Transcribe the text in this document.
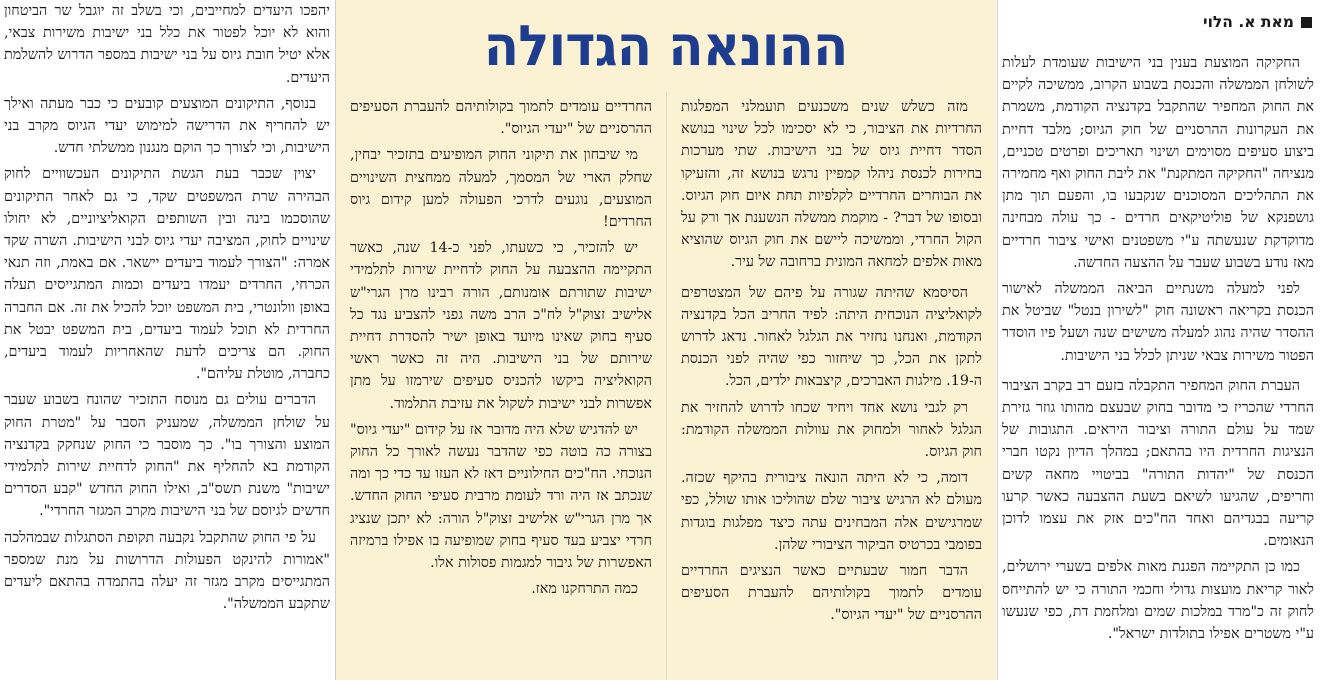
מאת א. הלוי

החקיקה המוצעת בענין בני הישיבות שעומדת לעלות לשולחן הממשלה והכנסת בשבוע הקרוב, ממשיכה לקיים את החוק המחפיר שהתקבל בקדנציה הקודמת, משמרת את העקרונות ההרסניים של חוק הגיוס; מלבד דחיית ביצוע סעיפים מסוימים ושינוי תאריכים ופרטים טכניים, מנציחה "החקיקה המתקנת" את ליבת החוק ואף מחמירה את התהליכים המסוכנים שנקבעו בו, והפעם תוך מתן גושפנקא של פוליטיקאים חרדים - כך עולה מבחינה מדוקדקת שנעשתה ע"י משפטנים ואישי ציבור חרדיים מאז נודע בשבוע שעבר על ההצעה החדשה.

לפני למעלה משנתיים הביאה הממשלה לאישור הכנסת בקריאה ראשונה חוק "לשירון בנטל" שביטל את ההסדר שהיה נהוג למעלה משישים שנה ושעל פיו הוסדר הפטור משירות צבאי שניתן לכלל בני הישיבות.

העברת החוק המחפיר התקבלה בזעם רב בקרב הציבור החרדי שהכריז כי מדובר בחוק שבעצם מהותו גוזר גזירת שמד על עולם התורה וציבור היראים. התגובות של הנציגות החרדית היו בהתאם; במהלך הדיון נקטו חברי הכנסת של "יהדות התורה" בביטויי מחאה קשים וחריפים, שהגיעו לשיאם בשעת ההצבעה כאשר קרעו קריעה בבגדיהם ואחד הח"כים אזק את עצמו לדוכן הנאומים.

כמו כן התקיימה הפגנת מאות אלפים בשערי ירושלים, לאור קריאת מועצות גדולי וחכמי התורה כי יש להתייחס לחוק זה כ"מרד במלכות שמים ומלחמת דת, כפי שנעשו ע"י משטרים אפילו בתולדות ישראל".

מזה כשלש שנים משכנעים תועמלני המפלגות החרדיות את הציבור, כי לא יסכימו לכל שינוי בנושא הסדר דחיית גיוס של בני הישיבות. שתי מערכות בחירות לכנסת ניהלו קמפיין נרגש בנושא זה, והזעיקו את הבוחרים החרדיים לקלפיות תחת איום חוק הגיוס. ובסופו של דבר? - מוקמת ממשלה הנשענת אך ורק על הקול החרדי, וממשיכה ליישם את חוק הגיוס שהוציא מאות אלפים למחאה המונית ברחובה של עיר.

הסיסמא שהיתה שגורה על פיהם של המצטרפים לקואליציה הנוכחית היתה: לפיד החריב הכל בקדנציה הקודמת, ואנחנו נחזיר את הגלגל לאחור. נדאג לדרוש לתקן את הכל, כך שיחזור כפי שהיה לפני הכנסת ה-19. מילגות האברכים, קיצבאות ילדים, הכל.

רק לגבי נושא אחד ויחיד שכחו לדרוש להחזיר את הגלגל לאחור ולמחוק את עוולות הממשלה הקודמת: חוק הגיוס.

דומה, כי לא היתה הונאה ציבורית בהיקף שכזה. מעולם לא הרגיש ציבור שלם שהוליכו אותו שולל, כפי שמרגישים אלה המבחינים עתה כיצד מפלגות בוגדות בפומבי בכרטיס הביקור הציבורי שלהן.

הדבר חמור שבעתיים כאשר הנציגים החרדיים עומדים לתמוך בקולותיהם להעברת הסעיפים ההרסניים של "יעדי הגיוס".

החרדיים עומדים לתמוך בקולותיהם להעברת הסעיפים ההרסניים של "יעדי הגיוס".

מי שיבחון את תיקוני החוק המופיעים בתזכיר יבחין, שחלק הארי של המסמך, למעלה ממחצית השינויים המוצעים, נוגעים לדרכי הפעולה למען קידום גיוס החרדים!

יש להזכיר, כי כשעתו, לפני כ-14 שנה, כאשר התקיימה ההצבעה על החוק לדחיית שירות לתלמידי ישיבות שתורתם אומנותם, הורה רבינו מרן הגרי"ש אלישיב זצוק"ל לח"כ הרב משה גפני להצביע נגד כל סעיף בחוק שאינו מיועד באופן ישיר להסדרת דחיית שירותם של בני הישיבות. היה זה כאשר ראשי הקואליציה ביקשו להכניס סעיפים שירמזו על מתן אפשרות לבני ישיבות לשקול את עזיבת התלמוד.

יש להדגיש שלא היה מדובר אז על קידום "יעדי גיוס" בצורה כה בוטה כפי שהדבר נעשה לאורך כל החוק הנוכחי. הח"כים החילוניים דאז לא העזו עד כדי כך ומה שנכתב אז היה ורד לעומת מרבית סעיפי החוק החדש. אך מרן הגרי"ש אלישיב זצוק"ל הורה: לא יתכן שנציג חרדי יצביע בעד סעיף בחוק שמופיעה בו אפילו ברמיזה האפשרות של גיבור למגמות פסולות אלו.

כמה התרחקנו מאז.

יהפכו היעדים למחייבים, וכי בשלב זה יוגבל שר הביטחון והוא לא יוכל לפטור את כלל בני ישיבות משירות צבאי, אלא יטיל חובת גיוס על בני ישיבות במספר הדרוש להשלמת היעדים.

בנוסף, התיקונים המוצעים קובעים כי כבר מעתה ואילך יש להחריף את הדרישה למימוש יעדי הגיוס מקרב בני הישיבות, וכי לצורך כך הוקם מנגנון ממשלתי חדש.

יצוין שכבר בעת הגשת התיקונים העכשוויים לחוק הבהירה שרת המשפטים שקד, כי גם לאחר התיקונים שהוסכמו בינה ובין השותפים הקואליציוניים, לא יחולו שינויים לחוק, המציבה יעדי גיוס לבני הישיבות. השרה שקד אמרה: "הצורך לעמוד ביעדים יישאר. אם באמת, וזה תנאי הכרחי, החרדים יעמדו ביעדים וכמות המתגייסים תעלה באופן וולונטרי, בית המשפט יוכל להכיל את זה. אם החברה החרדית לא תוכל לעמוד ביעדים, בית המשפט יבטל את החוק. הם צריכים לדעת שהאחריות לעמוד ביעדים, כחברה, מוטלת עליהם".

הדברים עולים גם מנוסח התזכיר שהונח בשבוע שעבר על שולחן הממשלה, שמעניק הסבר על "מטרת החוק המוצע והצורך בו". כך מוסבר כי החוק שנחקק בקדנציה הקודמת בא להחליף את "החוק לדחיית שירות לתלמידי ישיבות" משנת תשס"ב, ואילו החוק החדש "קבע הסדרים חדשים לגיוסם של בני הישיבות מקרב המגזר החרדי".

על פי החוק שהתקבל נקבעה תקופת הסתגלות שבמהלכה "אמורות להינקט הפעולות הדרושות על מנת שמספר המתגייסים מקרב מגזר זה יעלה בהתמדה בהתאם ליעדים שתקבע הממשלה".

ההונאה הגדולה
